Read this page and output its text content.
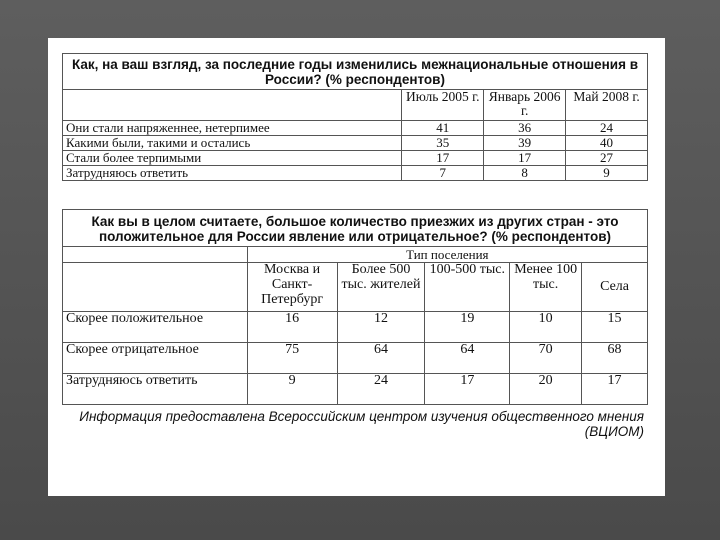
Как, на ваш взгляд, за последние годы изменились межнациональные отношения в России? (% респондентов)			
	Июль 2005 г.	Январь 2006 г.	Май 2008 г.
Они стали напряженнее, нетерпимее	41	36	24
Какими были, такими и остались	35	39	40
Стали более терпимыми	17	17	27
Затрудняюсь ответить	7	8	9
Как вы в целом считаете, большое количество приезжих из других стран - это положительное для России явление или отрицательное? (% респондентов)					
	Тип поселения				
	Москва и Санкт-Петербург	Более 500 тыс. жителей	100-500 тыс.	Менее 100 тыс.	Села
Скорее положительное	16	12	19	10	15
Скорее отрицательное	75	64	64	70	68
Затрудняюсь ответить	9	24	17	20	17
Информация предоставлена Всероссийским центром изучения общественного мнения (ВЦИОМ)
